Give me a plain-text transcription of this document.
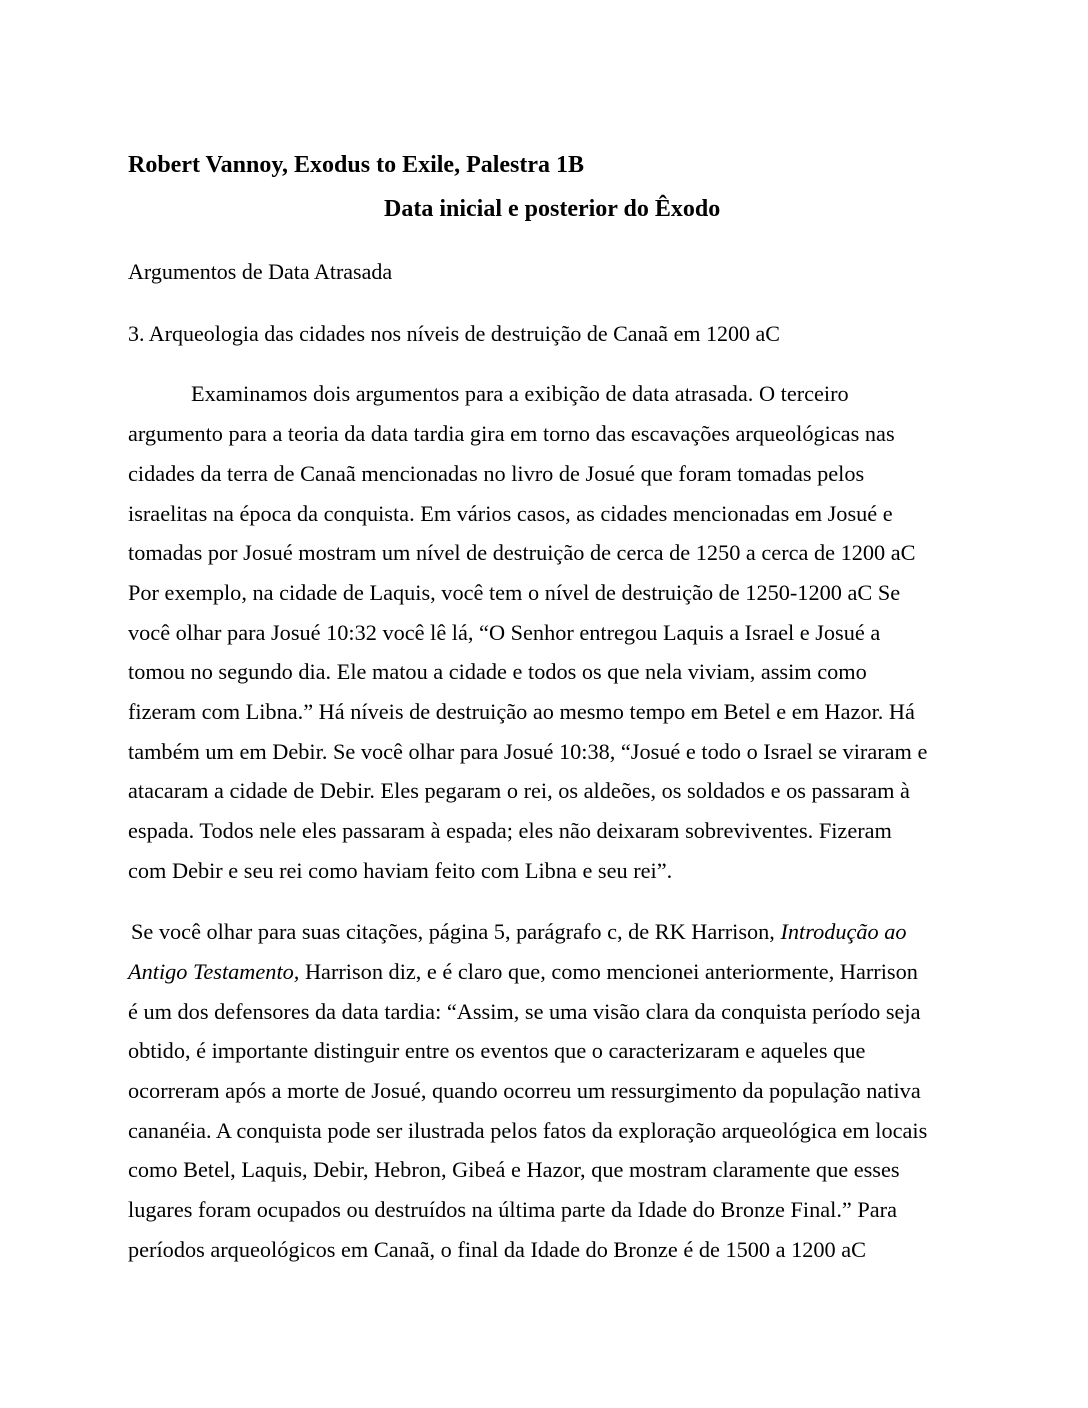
Robert Vannoy, Exodus to Exile, Palestra 1B
Data inicial e posterior do Êxodo
Argumentos de Data Atrasada
3. Arqueologia das cidades nos níveis de destruição de Canaã em 1200 aC
Examinamos dois argumentos para a exibição de data atrasada. O terceiro
argumento para a teoria da data tardia gira em torno das escavações arqueológicas nas
cidades da terra de Canaã mencionadas no livro de Josué que foram tomadas pelos
israelitas na época da conquista. Em vários casos, as cidades mencionadas em Josué e
tomadas por Josué mostram um nível de destruição de cerca de 1250 a cerca de 1200 aC
Por exemplo, na cidade de Laquis, você tem o nível de destruição de 1250-1200 aC Se
você olhar para Josué 10:32 você lê lá, “O Senhor entregou Laquis a Israel e Josué a
tomou no segundo dia. Ele matou a cidade e todos os que nela viviam, assim como
fizeram com Libna.” Há níveis de destruição ao mesmo tempo em Betel e em Hazor. Há
também um em Debir. Se você olhar para Josué 10:38, “Josué e todo o Israel se viraram e
atacaram a cidade de Debir. Eles pegaram o rei, os aldeões, os soldados e os passaram à
espada. Todos nele eles passaram à espada; eles não deixaram sobreviventes. Fizeram
com Debir e seu rei como haviam feito com Libna e seu rei”.
Se você olhar para suas citações, página 5, parágrafo c, de RK Harrison, Introdução ao
Antigo Testamento, Harrison diz, e é claro que, como mencionei anteriormente, Harrison
é um dos defensores da data tardia: “Assim, se uma visão clara da conquista período seja
obtido, é importante distinguir entre os eventos que o caracterizaram e aqueles que
ocorreram após a morte de Josué, quando ocorreu um ressurgimento da população nativa
cananéia. A conquista pode ser ilustrada pelos fatos da exploração arqueológica em locais
como Betel, Laquis, Debir, Hebron, Gibeá e Hazor, que mostram claramente que esses
lugares foram ocupados ou destruídos na última parte da Idade do Bronze Final.” Para
períodos arqueológicos em Canaã, o final da Idade do Bronze é de 1500 a 1200 aC
